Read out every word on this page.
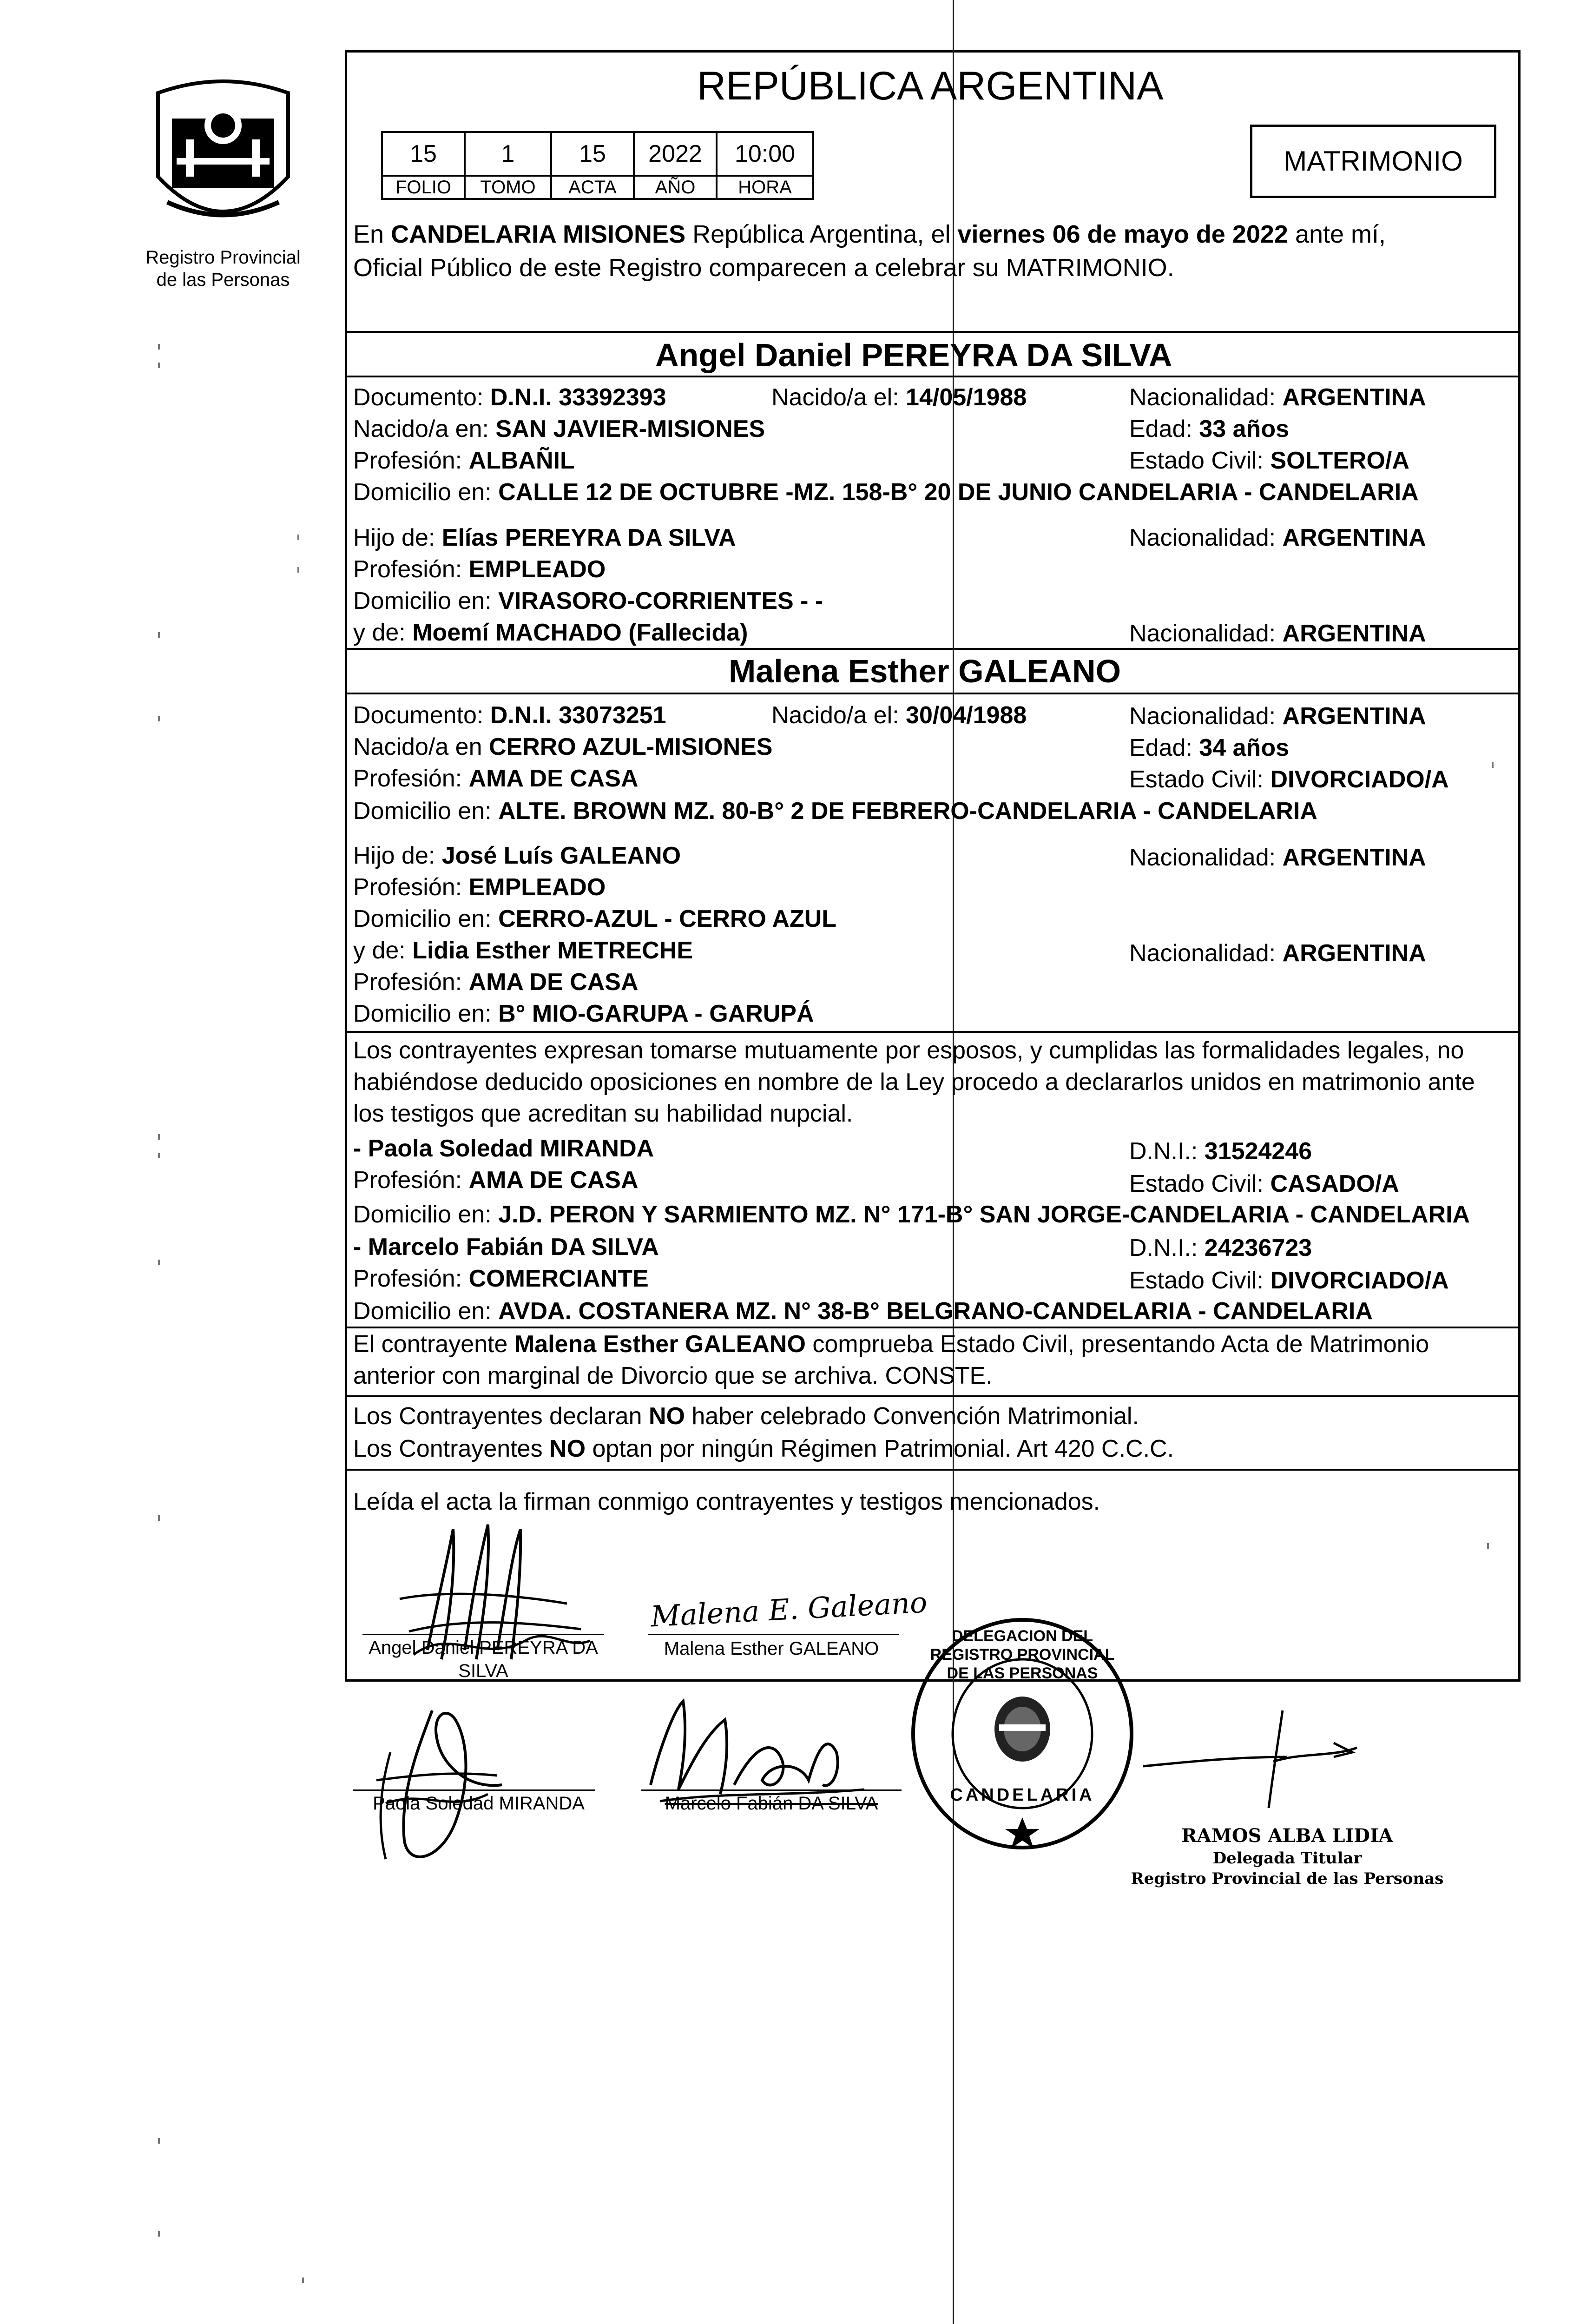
Registro Provincial
de las Personas
REPÚBLICA ARGENTINA
15	1	15	2022	10:00
FOLIO	TOMO	ACTA	AÑO	HORA
MATRIMONIO
En CANDELARIA MISIONES República Argentina, el viernes 06 de mayo de 2022 ante mí,
Oficial Público de este Registro comparecen a celebrar su MATRIMONIO.
Angel Daniel PEREYRA DA SILVA
Documento: D.N.I. 33392393	Nacido/a el: 14/05/1988	Nacionalidad: ARGENTINA
Nacido/a en: SAN JAVIER-MISIONES	Edad: 33 años
Profesión: ALBAÑIL	Estado Civil: SOLTERO/A
Domicilio en: CALLE 12 DE OCTUBRE -MZ. 158-B° 20 DE JUNIO CANDELARIA - CANDELARIA
Hijo de: Elías PEREYRA DA SILVA	Nacionalidad: ARGENTINA
Profesión: EMPLEADO
Domicilio en: VIRASORO-CORRIENTES - -
y de: Moemí MACHADO (Fallecida)	Nacionalidad: ARGENTINA
Malena Esther GALEANO
Documento: D.N.I. 33073251	Nacido/a el: 30/04/1988	Nacionalidad: ARGENTINA
Nacido/a en CERRO AZUL-MISIONES	Edad: 34 años
Profesión: AMA DE CASA	Estado Civil: DIVORCIADO/A
Domicilio en: ALTE. BROWN MZ. 80-B° 2 DE FEBRERO-CANDELARIA - CANDELARIA
Hijo de: José Luís GALEANO	Nacionalidad: ARGENTINA
Profesión: EMPLEADO
Domicilio en: CERRO-AZUL - CERRO AZUL
y de: Lidia Esther METRECHE	Nacionalidad: ARGENTINA
Profesión: AMA DE CASA
Domicilio en: B° MIO-GARUPA - GARUPÁ
Los contrayentes expresan tomarse mutuamente por esposos, y cumplidas las formalidades legales, no
habiéndose deducido oposiciones en nombre de la Ley procedo a declararlos unidos en matrimonio ante
los testigos que acreditan su habilidad nupcial.
- Paola Soledad MIRANDA	D.N.I.: 31524246
Profesión: AMA DE CASA	Estado Civil: CASADO/A
Domicilio en: J.D. PERON Y SARMIENTO MZ. N° 171-B° SAN JORGE-CANDELARIA - CANDELARIA
- Marcelo Fabián DA SILVA	D.N.I.: 24236723
Profesión: COMERCIANTE	Estado Civil: DIVORCIADO/A
Domicilio en: AVDA. COSTANERA MZ. N° 38-B° BELGRANO-CANDELARIA - CANDELARIA
El contrayente Malena Esther GALEANO comprueba Estado Civil, presentando Acta de Matrimonio
anterior con marginal de Divorcio que se archiva. CONSTE.
Los Contrayentes declaran NO haber celebrado Convención Matrimonial.
Los Contrayentes NO optan por ningún Régimen Patrimonial. Art 420 C.C.C.
Leída el acta la firman conmigo contrayentes y testigos mencionados.
Angel Daniel PEREYRA DA
SILVA
Malena E. Galeano
Malena Esther GALEANO
Paola Soledad MIRANDA	Marcelo Fabián DA SILVA
DELEGACION DEL REGISTRO PROVINCIAL DE LAS PERSONAS
CANDELARIA
RAMOS ALBA LIDIA
Delegada Titular
Registro Provincial de las Personas
